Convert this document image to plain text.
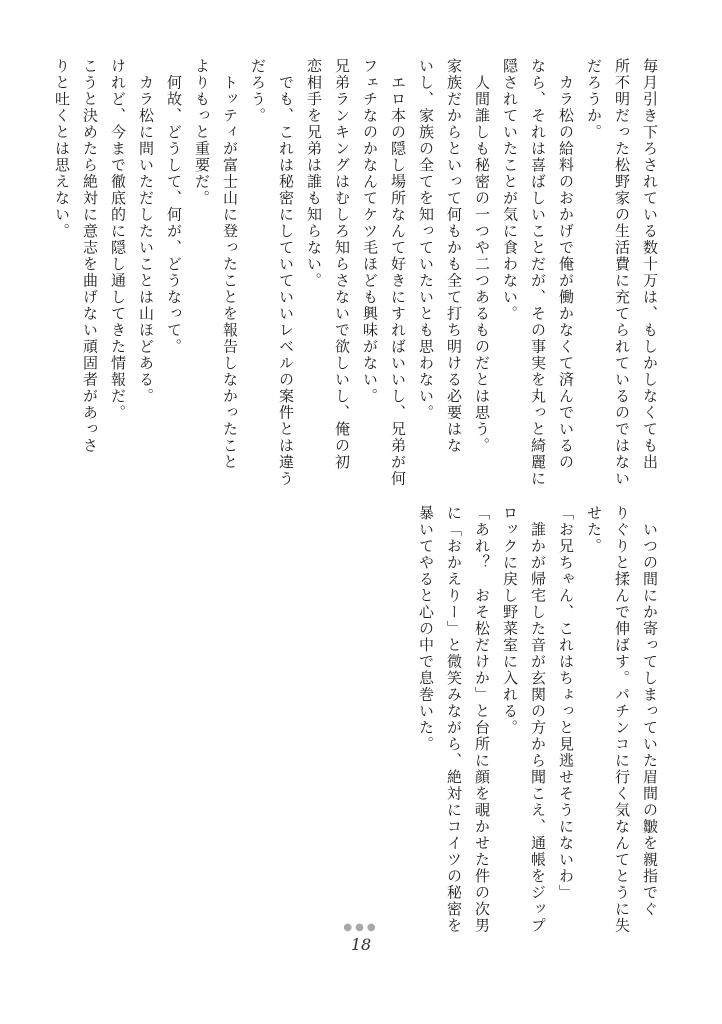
毎月引き下ろされている数十万は、もしかしなくても出

所不明だった松野家の生活費に充てられているのではない

だろうか。

　カラ松の給料のおかげで俺が働かなくて済んでいるの

なら、それは喜ばしいことだが、その事実を丸っと綺麗に

隠されていたことが気に食わない。

　人間誰しも秘密の一つや二つあるものだとは思う。

家族だからといって何もかも全て打ち明ける必要はな

いし、家族の全てを知っていたいとも思わない。

　エロ本の隠し場所なんて好きにすればいいし、兄弟が何

フェチなのかなんてケツ毛ほども興味がない。

兄弟ランキングはむしろ知らさないで欲しいし、俺の初

恋相手を兄弟は誰も知らない。

　でも、これは秘密にしていていいレベルの案件とは違う

だろう。

　トッティが富士山に登ったことを報告しなかったこと

よりもっと重要だ。

　何故、どうして、何が、どうなって。

　カラ松に問いただしたいことは山ほどある。

けれど、今まで徹底的に隠し通してきた情報だ。

こうと決めたら絶対に意志を曲げない頑固者があっさ

りと吐くとは思えない。

　いつの間にか寄ってしまっていた眉間の皺を親指でぐ

りぐりと揉んで伸ばす。パチンコに行く気なんてとうに失

せた。

「お兄ちゃん、これはちょっと見逃せそうにないわ」

　誰かが帰宅した音が玄関の方から聞こえ、通帳をジップ

ロックに戻し野菜室に入れる。

「あれ？　おそ松だけか」と台所に顔を覗かせた件の次男

に「おかえりー」と微笑みながら、絶対にコイツの秘密を

暴いてやると心の中で息巻いた。

●●●
18
